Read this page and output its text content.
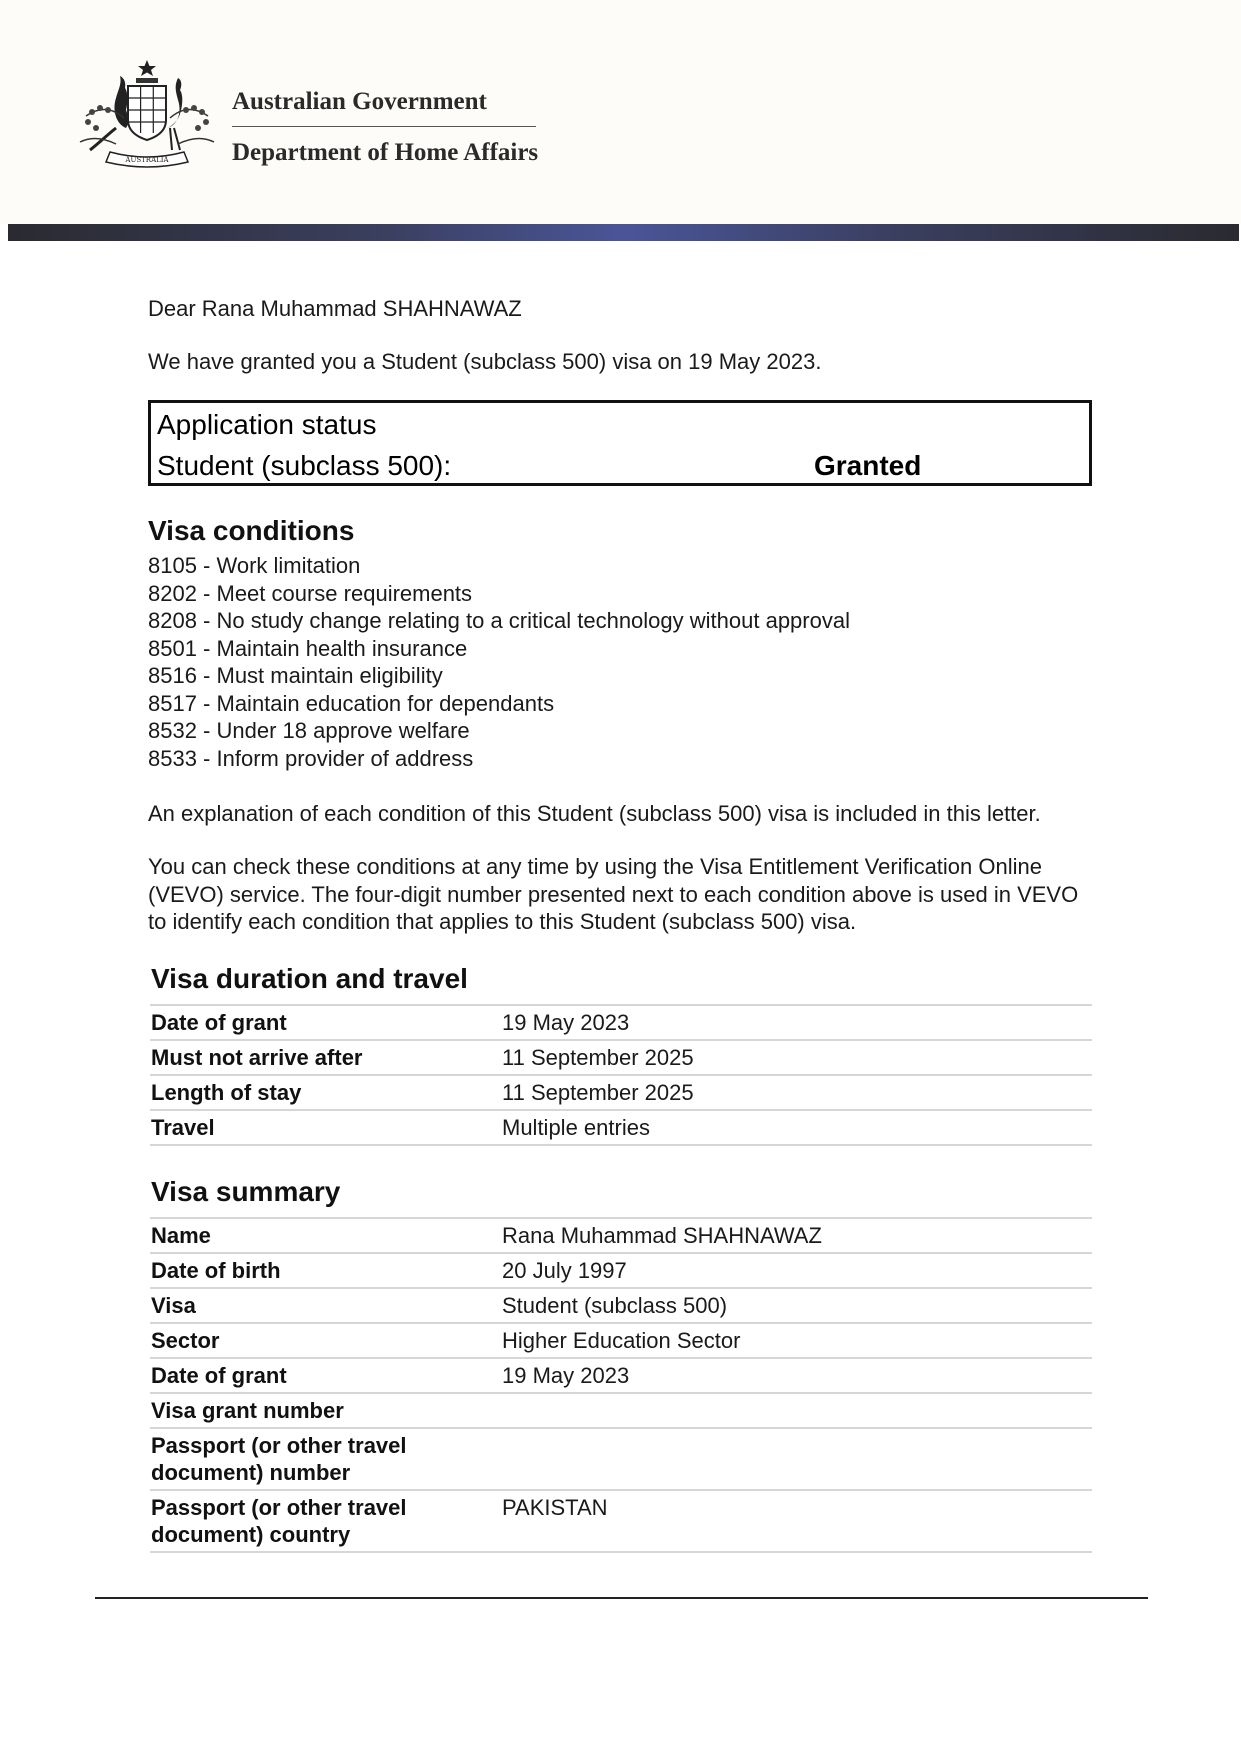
AUSTRALIA
Australian Government
Department of Home Affairs
Dear Rana Muhammad SHAHNAWAZ
We have granted you a Student (subclass 500) visa on 19 May 2023.
Application status
Student (subclass 500):	Granted
Visa conditions
8105 - Work limitation
8202 - Meet course requirements
8208 - No study change relating to a critical technology without approval
8501 - Maintain health insurance
8516 - Must maintain eligibility
8517 - Maintain education for dependants
8532 - Under 18 approve welfare
8533 - Inform provider of address
An explanation of each condition of this Student (subclass 500) visa is included in this letter.
You can check these conditions at any time by using the Visa Entitlement Verification Online (VEVO) service. The four-digit number presented next to each condition above is used in VEVO to identify each condition that applies to this Student (subclass 500) visa.
Visa duration and travel
Date of grant	19 May 2023
Must not arrive after	11 September 2025
Length of stay	11 September 2025
Travel	Multiple entries
Visa summary
Name	Rana Muhammad SHAHNAWAZ
Date of birth	20 July 1997
Visa	Student (subclass 500)
Sector	Higher Education Sector
Date of grant	19 May 2023
Visa grant number	
Passport (or other travel document) number	
Passport (or other travel document) country	PAKISTAN
